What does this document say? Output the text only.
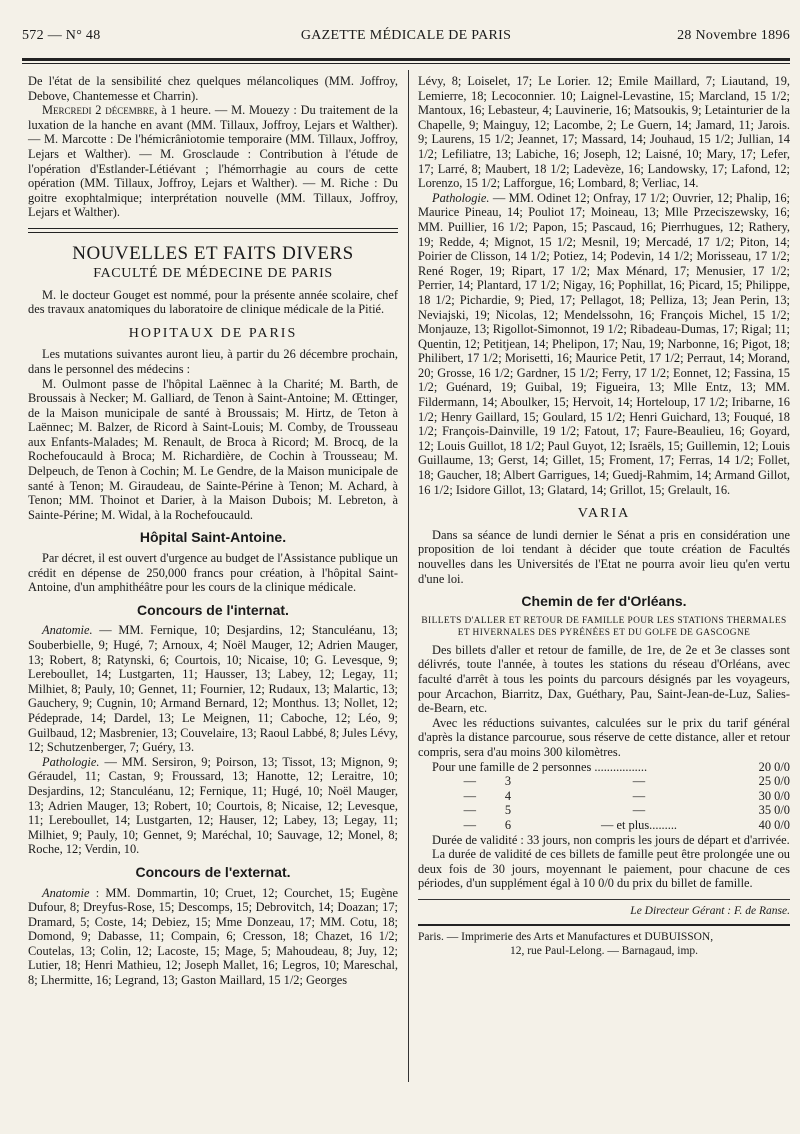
572 — N° 48	GAZETTE MÉDICALE DE PARIS	28 Novembre 1896

De l'état de la sensibilité chez quelques mélancoliques (MM. Joffroy, Debove, Chantemesse et Charrin).

Mercredi 2 décembre, à 1 heure. — M. Mouezy : Du traitement de la luxation de la hanche en avant (MM. Tillaux, Joffroy, Lejars et Walther).— M. Marcotte : De l'hémicrâniotomie temporaire (MM. Tillaux, Joffroy, Lejars et Walther). — M. Grosclaude : Contribution à l'étude de l'opération d'Estlander-Létiévant ; l'hémorrhagie au cours de cette opération (MM. Tillaux, Joffroy, Lejars et Walther). — M. Riche : Du goitre exophtalmique; interprétation nouvelle (MM. Tillaux, Joffroy, Lejars et Walther).

NOUVELLES ET FAITS DIVERS
FACULTÉ DE MÉDECINE DE PARIS

M. le docteur Gouget est nommé, pour la présente année scolaire, chef des travaux anatomiques du laboratoire de clinique médicale de la Pitié.

HOPITAUX DE PARIS

Les mutations suivantes auront lieu, à partir du 26 décembre prochain, dans le personnel des médecins :

M. Oulmont passe de l'hôpital Laënnec à la Charité; M. Barth, de Broussais à Necker; M. Galliard, de Tenon à Saint-Antoine; M. Œttinger, de la Maison municipale de santé à Broussais; M. Hirtz, de Teton à Laënnec; M. Balzer, de Ricord à Saint-Louis; M. Comby, de Trousseau aux Enfants-Malades; M. Renault, de Broca à Ricord; M. Brocq, de la Rochefoucauld à Broca; M. Richardière, de Cochin à Trousseau; M. Delpeuch, de Tenon à Cochin; M. Le Gendre, de la Maison municipale de santé à Tenon; M. Giraudeau, de Sainte-Périne à Tenon; M. Achard, à Tenon; MM. Thoinot et Darier, à la Maison Dubois; M. Lebreton, à Sainte-Périne; M. Widal, à la Rochefoucauld.

Hôpital Saint-Antoine.

Par décret, il est ouvert d'urgence au budget de l'Assistance publique un crédit en dépense de 250,000 francs pour création, à l'hôpital Saint-Antoine, d'un amphithéâtre pour les cours de la clinique médicale.

Concours de l'internat.

Anatomie. — MM. Fernique, 10; Desjardins, 12; Stanculéanu, 13; Souberbielle, 9; Hugé, 7; Arnoux, 4; Noël Mauger, 12; Adrien Mauger, 13; Robert, 8; Ratynski, 6; Courtois, 10; Nicaise, 10; G. Levesque, 9; Lereboullet, 14; Lustgarten, 11; Hausser, 13; Labey, 12; Legay, 11; Milhiet, 8; Pauly, 10; Gennet, 11; Fournier, 12; Rudaux, 13; Malartic, 13; Gauchery, 9; Cugnin, 10; Armand Bernard, 12; Monthus. 13; Nollet, 12; Pédeprade, 14; Dardel, 13; Le Meignen, 11; Caboche, 12; Léo, 9; Guilbaud, 12; Masbrenier, 13; Couvelaire, 13; Raoul Labbé, 8; Jules Lévy, 12; Schutzenberger, 7; Guéry, 13.

Pathologie. — MM. Sersiron, 9; Poirson, 13; Tissot, 13; Mignon, 9; Géraudel, 11; Castan, 9; Froussard, 13; Hanotte, 12; Leraitre, 10; Desjardins, 12; Stanculéanu, 12; Fernique, 11; Hugé, 10; Noël Mauger, 13; Adrien Mauger, 13; Robert, 10; Courtois, 8; Nicaise, 12; Levesque, 11; Lereboullet, 14; Lustgarten, 12; Hauser, 12; Labey, 13; Legay, 11; Milhiet, 9; Pauly, 10; Gennet, 9; Maréchal, 10; Sauvage, 12; Monel, 8; Roche, 12; Verdin, 10.

Concours de l'externat.

Anatomie : MM. Dommartin, 10; Cruet, 12; Courchet, 15; Eugène Dufour, 8; Dreyfus-Rose, 15; Descomps, 15; Debrovitch, 14; Doazan; 17; Dramard, 5; Coste, 14; Debiez, 15; Mme Donzeau, 17; MM. Cotu, 18; Domond, 9; Dabasse, 11; Compain, 6; Cresson, 18; Chazet, 16 1/2; Coutelas, 13; Colin, 12; Lacoste, 15; Mage, 5; Mahoudeau, 8; Juy, 12; Lutier, 18; Henri Mathieu, 12; Joseph Mallet, 16; Legros, 10; Mareschal, 8; Lhermitte, 16; Legrand, 13; Gaston Maillard, 15 1/2; Georges

Lévy, 8; Loiselet, 17; Le Lorier. 12; Emile Maillard, 7; Liautand, 19, Lemierre, 18; Lecoconnier. 10; Laignel-Levastine, 15; Marcland, 15 1/2; Mantoux, 16; Lebasteur, 4; Lauvinerie, 16; Matsoukis, 9; Letainturier de la Chapelle, 9; Mainguy, 12; Lacombe, 2; Le Guern, 14; Jamard, 11; Jarois. 9; Laurens, 15 1/2; Jeannet, 17; Massard, 14; Jouhaud, 15 1/2; Jullian, 14 1/2; Lefiliatre, 13; Labiche, 16; Joseph, 12; Laisné, 10; Mary, 17; Lefer, 17; Larré, 8; Maubert, 18 1/2; Ladevèze, 16; Landowsky, 17; Lafond, 12; Lorenzo, 15 1/2; Lafforgue, 16; Lombard, 8; Verliac, 14.

Pathologie. — MM. Odinet 12; Onfray, 17 1/2; Ouvrier, 12; Phalip, 16; Maurice Pineau, 14; Pouliot 17; Moineau, 13; Mlle Przeciszewsky, 16; MM. Puillier, 16 1/2; Papon, 15; Pascaud, 16; Pierrhugues, 12; Rathery, 19; Redde, 4; Mignot, 15 1/2; Mesnil, 19; Mercadé, 17 1/2; Piton, 14; Poirier de Clisson, 14 1/2; Potiez, 14; Podevin, 14 1/2; Morisseau, 17 1/2; René Roger, 19; Ripart, 17 1/2; Max Ménard, 17; Menusier, 17 1/2; Perrier, 14; Plantard, 17 1/2; Nigay, 16; Pophillat, 16; Picard, 15; Philippe, 18 1/2; Pichardie, 9; Pied, 17; Pellagot, 18; Pelliza, 13; Jean Perin, 13; Neviajski, 19; Nicolas, 12; Mendelssohn, 16; François Michel, 15 1/2; Monjauze, 13; Rigollot-Simonnot, 19 1/2; Ribadeau-Dumas, 17; Rigal; 11; Quentin, 12; Petitjean, 14; Phelipon, 17; Nau, 19; Narbonne, 16; Pigot, 18; Philibert, 17 1/2; Morisetti, 16; Maurice Petit, 17 1/2; Perraut, 14; Morand, 20; Grosse, 16 1/2; Gardner, 15 1/2; Ferry, 17 1/2; Eonnet, 12; Fassina, 15 1/2; Guénard, 19; Guibal, 19; Figueira, 13; Mlle Entz, 13; MM. Fildermann, 14; Aboulker, 15; Hervoit, 14; Horteloup, 17 1/2; Iribarne, 16 1/2; Henry Gaillard, 15; Goulard, 15 1/2; Henri Guichard, 13; Fouqué, 18 1/2; François-Dainville, 19 1/2; Fatout, 17; Faure-Beaulieu, 16; Goyard, 12; Louis Guillot, 18 1/2; Paul Guyot, 12; Israëls, 15; Guillemin, 12; Louis Guillaume, 13; Gerst, 14; Gillet, 15; Froment, 17; Ferras, 14 1/2; Follet, 18; Gaucher, 18; Albert Garrigues, 14; Guedj-Rahmim, 14; Armand Gillot, 16 1/2; Isidore Gillot, 13; Glatard, 14; Grillot, 15; Grelault, 16.

VARIA

Dans sa séance de lundi dernier le Sénat a pris en considération une proposition de loi tendant à décider que toute création de Facultés nouvelles dans les Universités de l'Etat ne pourra avoir lieu qu'en vertu d'une loi.

Chemin de fer d'Orléans.
BILLETS D'ALLER ET RETOUR DE FAMILLE POUR LES STATIONS THERMALES ET HIVERNALES DES PYRÉNÉES ET DU GOLFE DE GASCOGNE

Des billets d'aller et retour de famille, de 1re, de 2e et 3e classes sont délivrés, toute l'année, à toutes les stations du réseau d'Orléans, avec faculté d'arrêt à tous les points du parcours désignés par les voyageurs, pour Arcachon, Biarritz, Dax, Guéthary, Pau, Saint-Jean-de-Luz, Salies-de-Bearn, etc.

Avec les réductions suivantes, calculées sur le prix du tarif général d'après la distance parcourue, sous réserve de cette distance, aller et retour compris, sera d'au moins 300 kilomètres.

Pour une famille de 2 personnes .................	20 0/0
—	3	—	25 0/0
—	4	—	30 0/0
—	5	—	35 0/0
—	6	— et plus.........	40 0/0

Durée de validité : 33 jours, non compris les jours de départ et d'arrivée.

La durée de validité de ces billets de famille peut être prolongée une ou deux fois de 30 jours, moyennant le paiement, pour chacune de ces périodes, d'un supplément égal à 10 0/0 du prix du billet de famille.

Le Directeur Gérant : F. de Ranse.
Paris. — Imprimerie des Arts et Manufactures et DUBUISSON,
12, rue Paul-Lelong. — Barnagaud, imp.
